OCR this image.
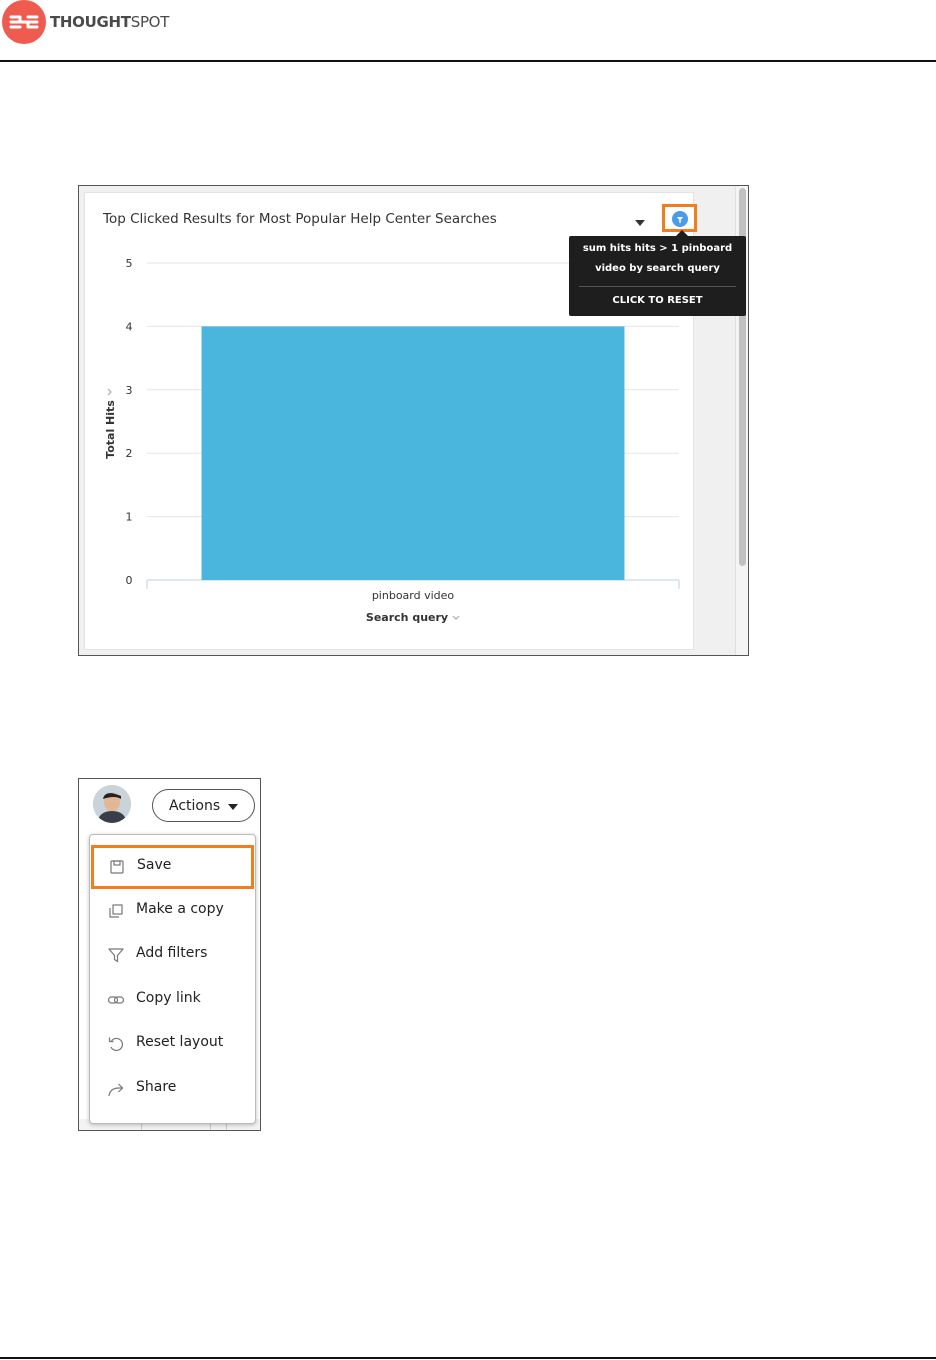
THOUGHTSPOT
Top Clicked Results for Most Popular Help Center Searches
0
1
2
3
4
5
pinboard video
Search query
Total Hits
sum hits hits > 1 pinboard
video by search query
CLICK TO RESET
Actions
Save
Make a copy
Add filters
Copy link
Reset layout
Share
